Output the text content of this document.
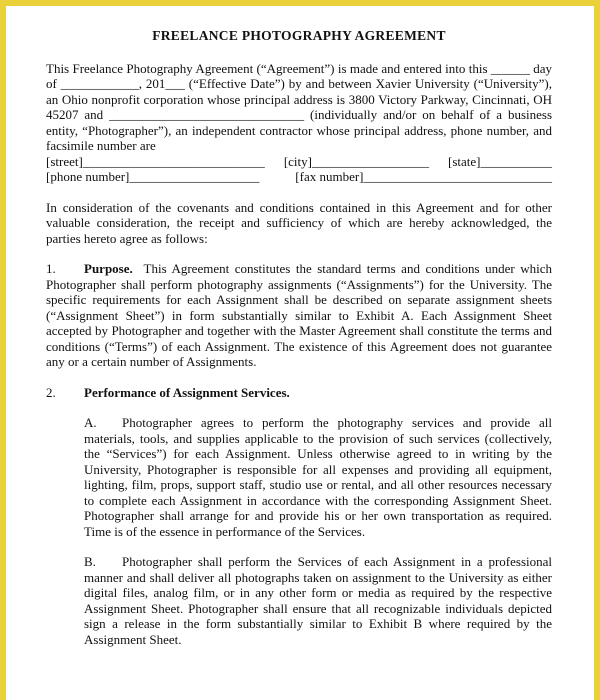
FREELANCE PHOTOGRAPHY AGREEMENT

This Freelance Photography Agreement (“Agreement”) is made and entered into this ______ day of ____________, 201___ (“Effective Date”) by and between Xavier University (“University”), an Ohio nonprofit corporation whose principal address is 3800 Victory Parkway, Cincinnati, OH 45207 and ______________________________ (individually and/or on behalf of a business entity, “Photographer”), an independent contractor whose principal address, phone number, and facsimile number are

[street]____________________________ [city]__________________ [state]___________
[phone number]____________________	[fax number]_____________________________

In consideration of the covenants and conditions contained in this Agreement and for other valuable consideration, the receipt and sufficiency of which are hereby acknowledged, the parties hereto agree as follows:

1. Purpose. This Agreement constitutes the standard terms and conditions under which Photographer shall perform photography assignments (“Assignments”) for the University. The specific requirements for each Assignment shall be described on separate assignment sheets (“Assignment Sheet”) in form substantially similar to Exhibit A. Each Assignment Sheet accepted by Photographer and together with the Master Agreement shall constitute the terms and conditions (“Terms”) of each Assignment. The existence of this Agreement does not guarantee any or a certain number of Assignments.

2.	Performance of Assignment Services.

A. Photographer agrees to perform the photography services and provide all materials, tools, and supplies applicable to the provision of such services (collectively, the “Services”) for each Assignment. Unless otherwise agreed to in writing by the University, Photographer is responsible for all expenses and providing all equipment, lighting, film, props, support staff, studio use or rental, and all other resources necessary to complete each Assignment in accordance with the corresponding Assignment Sheet. Photographer shall arrange for and provide his or her own transportation as required. Time is of the essence in performance of the Services.

B. Photographer shall perform the Services of each Assignment in a professional manner and shall deliver all photographs taken on assignment to the University as either digital files, analog film, or in any other form or media as required by the respective Assignment Sheet. Photographer shall ensure that all recognizable individuals depicted sign a release in the form substantially similar to Exhibit B where required by the Assignment Sheet.
